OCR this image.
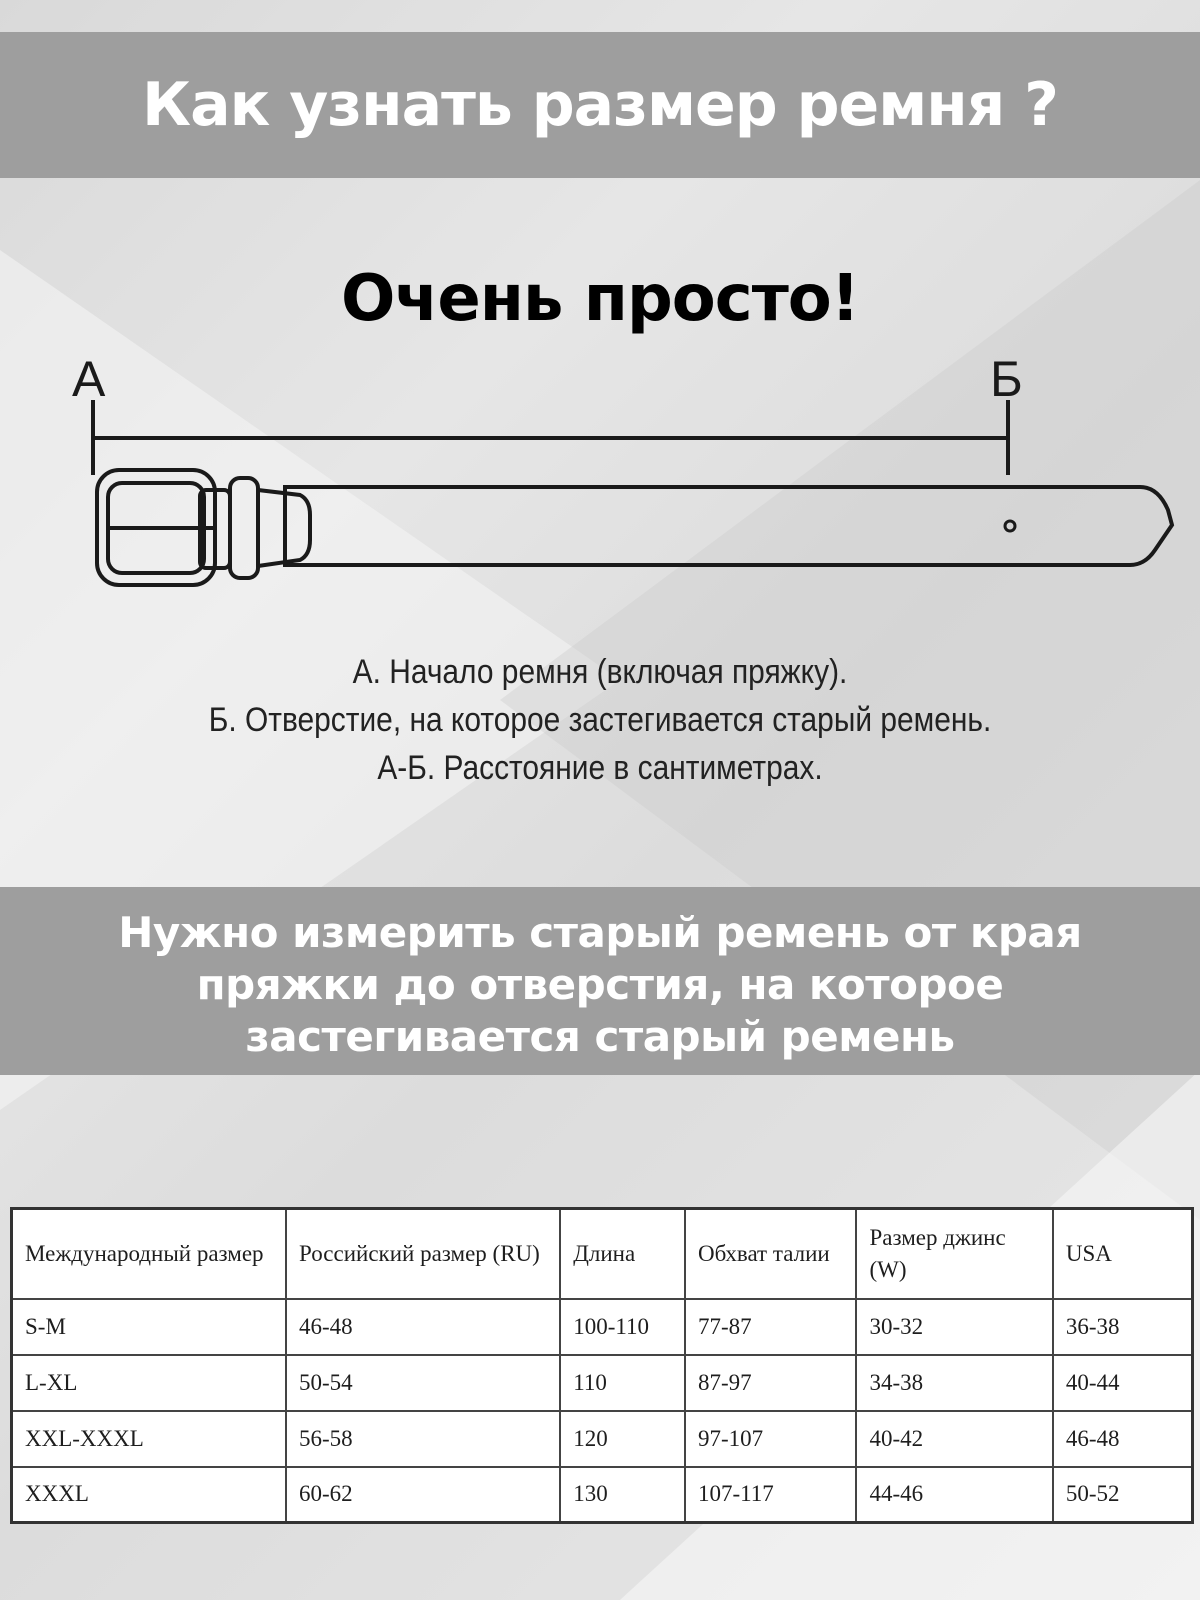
Как узнать размер ремня ?
Очень просто!
А	Б
А. Начало ремня (включая пряжку).
Б. Отверстие, на которое застегивается старый ремень.
А-Б. Расстояние в сантиметрах.
Нужно измерить старый ремень от края
пряжки до отверстия, на которое
застегивается старый ремень
Международный размер	Российский размер (RU)	Длина	Обхват талии	Размер джинс (W)	USA
S-M	46-48	100-110	77-87	30-32	36-38
L-XL	50-54	110	87-97	34-38	40-44
XXL-XXXL	56-58	120	97-107	40-42	46-48
XXXL	60-62	130	107-117	44-46	50-52
